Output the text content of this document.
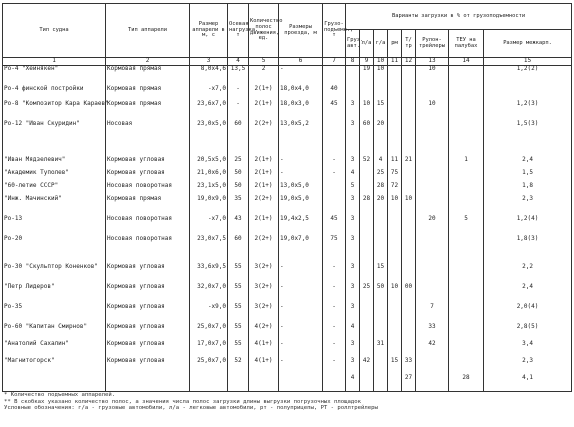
Тип судна	Тип аппарели	Размер аппарели в м, с	Осевая нагрузка, т	Количество полос движения, ед.	Размеры проезда, м	Грузо-подъемн., т	Варианты загрузки в % от грузоподъемности							
							Груз. авт.	л/а	г/а	рм	Т/тр	Рулон-трейлеры	ТЕУ на палубах	Размер межкарп.
1	2	3	4	5	6	7	8	9	10	11	12	13	14	15
Ро-4 "Хейнякен"	Кормовая прямая	8,0х4,6	13,5	2	-			19	10			10		1,2(2)
Ро-4 финской постройки	Кормовая прямая	-х7,0	-	2(1+)	18,0х4,0	40								
Ро-8 "Композитор Кара Караев"	Кормовая прямая	23,6х7,0	-	2(1+)	18,0х3,0	45	3	10	15			10		1,2(3)
Ро-12 "Иван Скуридин"	Носовая	23,0х5,0	60	2(2+)	13,0х5,2		3	60	20					1,5(3)
"Иван Мядзелевич"	Кормовая угловая	20,5х5,0	25	2(1+)	-	-	3	52	4	11	21		1	2,4
"Академик Туполев"	Кормовая угловая	21,0х6,0	50	2(1+)	-	-	4		25	75				1,5
"60-летие СССР"	Носовая поворотная	23,1х5,0	50	2(1+)	13,0х5,0		5		28	72				1,8
"Инж. Мачинский"	Кормовая прямая	19,0х9,0	35	2(2+)	19,0х5,0		3	28	20	10	10			2,3
Ро-13	Носовая поворотная	-х7,0	43	2(1+)	19,4х2,5	45	3					20	5	1,2(4)
Ро-20	Носовая поворотная	23,0х7,5	60	2(2+)	19,0х7,0	75	3							1,8(3)
Ро-30 "Скульптор Коненков"	Кормовая угловая	33,6х9,5	55	3(2+)	-	-	3		15					2,2
"Петр Лидеров"	Кормовая угловая	32,0х7,0	55	3(2+)	-	-	3	25	50	10	00			2,4
Ро-35	Кормовая угловая	-х9,0	55	3(2+)	-	-	3					7		2,0(4)
Ро-60 "Капитан Смирнов"	Кормовая угловая	25,0х7,0	55	4(2+)	-	-	4					33		2,8(5)
"Анатолий Сахалин"	Кормовая угловая	17,0х7,0	55	4(1+)	-	-	3		31			42		3,4
"Магнитогорск"	Кормовая угловая	25,0х7,0	52	4(1+)	-	-	3	42		15	33			2,3
							4				27		28	4,1
* Количество подъемных аппарелей.
** В скобках указано количество полос, а значения числа полос загрузки длины выгрузки погрузочных площадок
Условные обозначения: г/а - грузовые автомобили, л/а - легковые автомобили, рт - полуприцепы, РТ - роллтрейлеры
